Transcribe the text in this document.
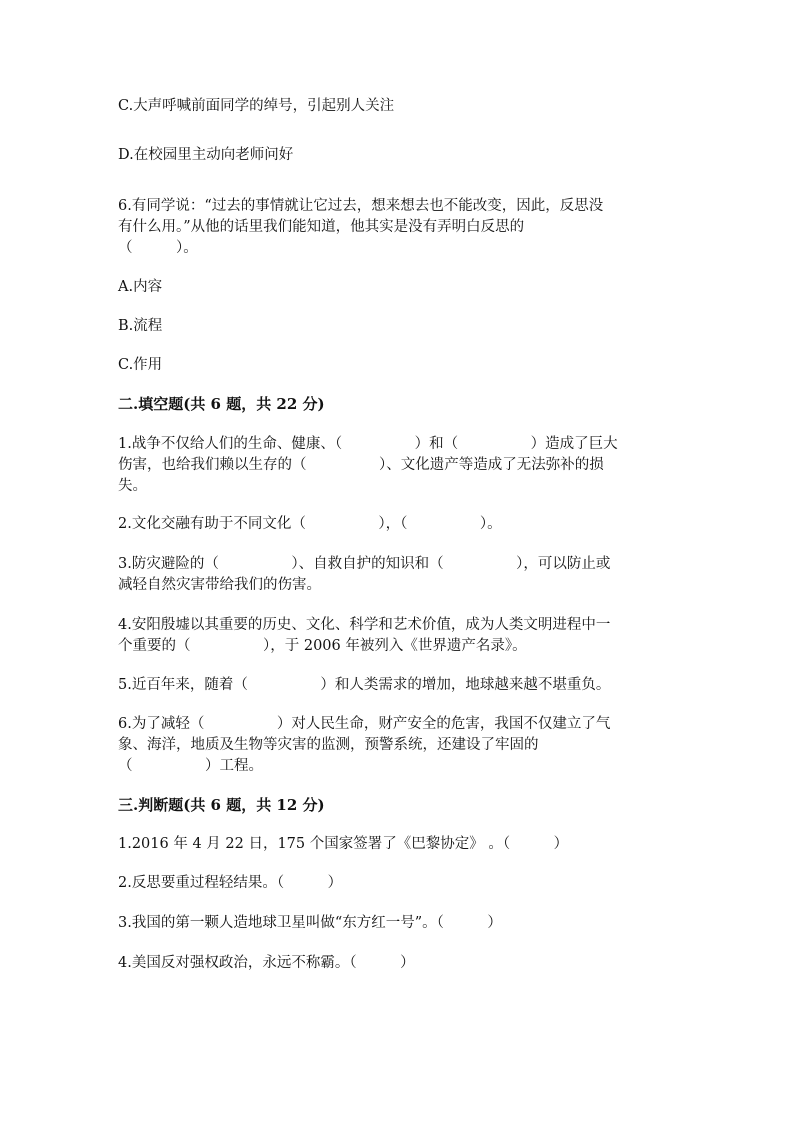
C.大声呼喊前面同学的绰号，引起别人关注
D.在校园里主动向老师问好
6.有同学说：“过去的事情就让它过去，想来想去也不能改变，因此，反思没
有什么用。”从他的话里我们能知道，他其实是没有弄明白反思的
（　　　）。
A.内容
B.流程
C.作用
二.填空题(共 6 题，共 22 分)
1.战争不仅给人们的生命、健康、（　　　　　）和（　　　　　）造成了巨大
伤害，也给我们赖以生存的（　　　　　）、文化遗产等造成了无法弥补的损
失。
2.文化交融有助于不同文化（　　　　　），（　　　　　）。
3.防灾避险的（　　　　　）、自救自护的知识和（　　　　　），可以防止或
减轻自然灾害带给我们的伤害。
4.安阳殷墟以其重要的历史、文化、科学和艺术价值，成为人类文明进程中一
个重要的（　　　　　），于 2006 年被列入《世界遗产名录》。
5.近百年来，随着（　　　　　）和人类需求的增加，地球越来越不堪重负。
6.为了减轻（　　　　　）对人民生命，财产安全的危害，我国不仅建立了气
象、海洋，地质及生物等灾害的监测，预警系统，还建设了牢固的
（　　　　　）工程。
三.判断题(共 6 题，共 12 分)
1.2016 年 4 月 22 日，175 个国家签署了《巴黎协定》 。（　　　）
2.反思要重过程轻结果。（　　　）
3.我国的第一颗人造地球卫星叫做“东方红一号”。（　　　）
4.美国反对强权政治，永远不称霸。（　　　）
